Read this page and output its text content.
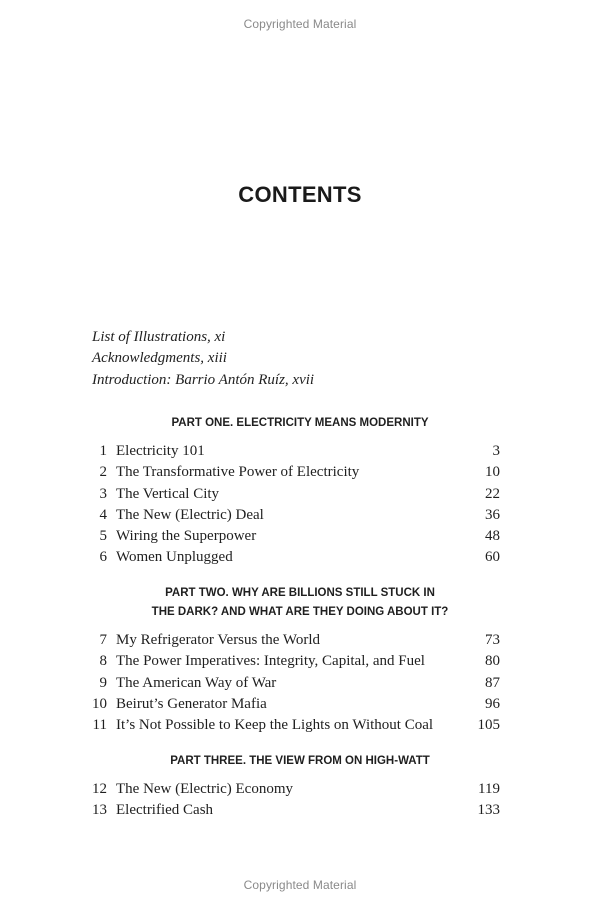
Copyrighted Material
CONTENTS
List of Illustrations, xi
Acknowledgments, xiii
Introduction: Barrio Antón Ruíz, xvii
PART ONE. ELECTRICITY MEANS MODERNITY
1 Electricity 101	3
2 The Transformative Power of Electricity	10
3 The Vertical City	22
4 The New (Electric) Deal	36
5 Wiring the Superpower	48
6 Women Unplugged	60
PART TWO. WHY ARE BILLIONS STILL STUCK IN
THE DARK? AND WHAT ARE THEY DOING ABOUT IT?
7 My Refrigerator Versus the World	73
8 The Power Imperatives: Integrity, Capital, and Fuel	80
9 The American Way of War	87
10 Beirut’s Generator Mafia	96
11 It’s Not Possible to Keep the Lights on Without Coal	105
PART THREE. THE VIEW FROM ON HIGH-WATT
12 The New (Electric) Economy	119
13 Electrified Cash	133
Copyrighted Material
